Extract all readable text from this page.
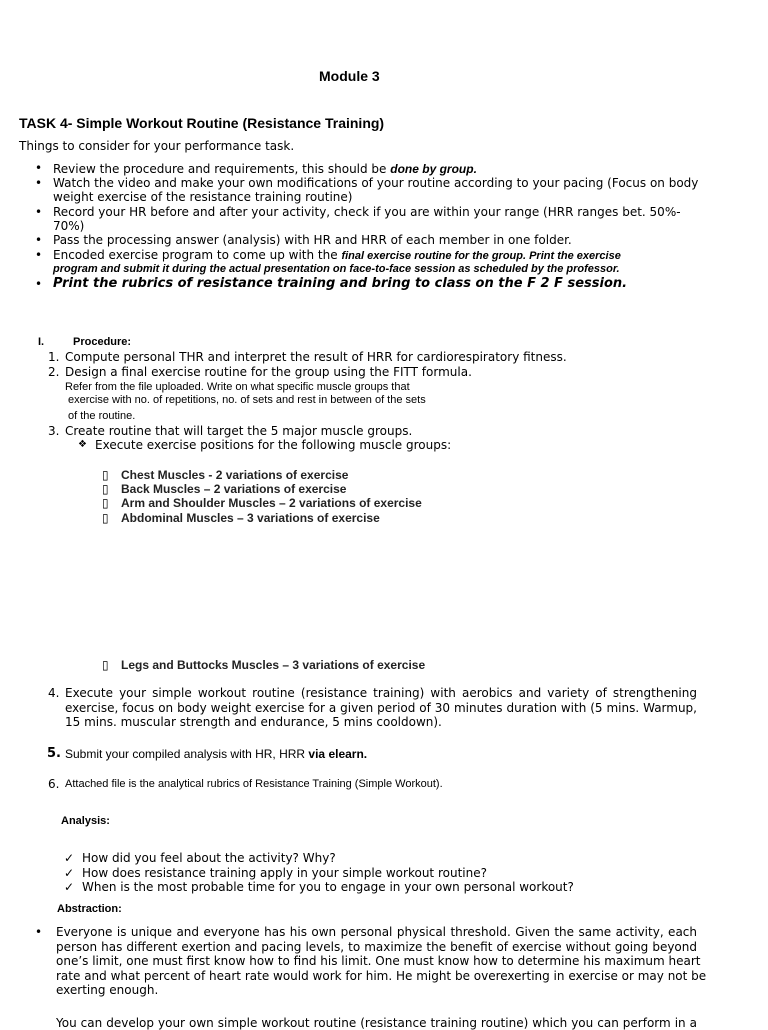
Module 3
TASK 4- Simple Workout Routine (Resistance Training)
Things to consider for your performance task.
• Review the procedure and requirements, this should be done by group.
• Watch the video and make your own modifications of your routine according to your pacing (Focus on body
weight exercise of the resistance training routine)
• Record your HR before and after your activity, check if you are within your range (HRR ranges bet. 50%-
70%)
• Pass the processing answer (analysis) with HR and HRR of each member in one folder.
• Encoded exercise program to come up with the final exercise routine for the group. Print the exercise
program and submit it during the actual presentation on face-to-face session as scheduled by the professor.
• Print the rubrics of resistance training and bring to class on the F 2 F session.
I.	Procedure:
1. Compute personal THR and interpret the result of HRR for cardiorespiratory fitness.
2. Design a final exercise routine for the group using the FITT formula.
Refer from the file uploaded. Write on what specific muscle groups that
exercise with no. of repetitions, no. of sets and rest in between of the sets
of the routine.
3. Create routine that will target the 5 major muscle groups.
❖ Execute exercise positions for the following muscle groups:
▯ Chest Muscles - 2 variations of exercise
▯ Back Muscles – 2 variations of exercise
▯ Arm and Shoulder Muscles – 2 variations of exercise
▯ Abdominal Muscles – 3 variations of exercise
▯ Legs and Buttocks Muscles – 3 variations of exercise
4. Execute your simple workout routine (resistance training) with aerobics and variety of strengthening
exercise, focus on body weight exercise for a given period of 30 minutes duration with (5 mins. Warmup,
15 mins. muscular strength and endurance, 5 mins cooldown).
5. Submit your compiled analysis with HR, HRR via elearn.
6. Attached file is the analytical rubrics of Resistance Training (Simple Workout).
Analysis:
✓ How did you feel about the activity? Why?
✓ How does resistance training apply in your simple workout routine?
✓ When is the most probable time for you to engage in your own personal workout?
Abstraction:
• Everyone is unique and everyone has his own personal physical threshold. Given the same activity, each
person has different exertion and pacing levels, to maximize the benefit of exercise without going beyond
one’s limit, one must first know how to find his limit. One must know how to determine his maximum heart
rate and what percent of heart rate would work for him. He might be overexerting in exercise or may not be
exerting enough.
You can develop your own simple workout routine (resistance training routine) which you can perform in a
